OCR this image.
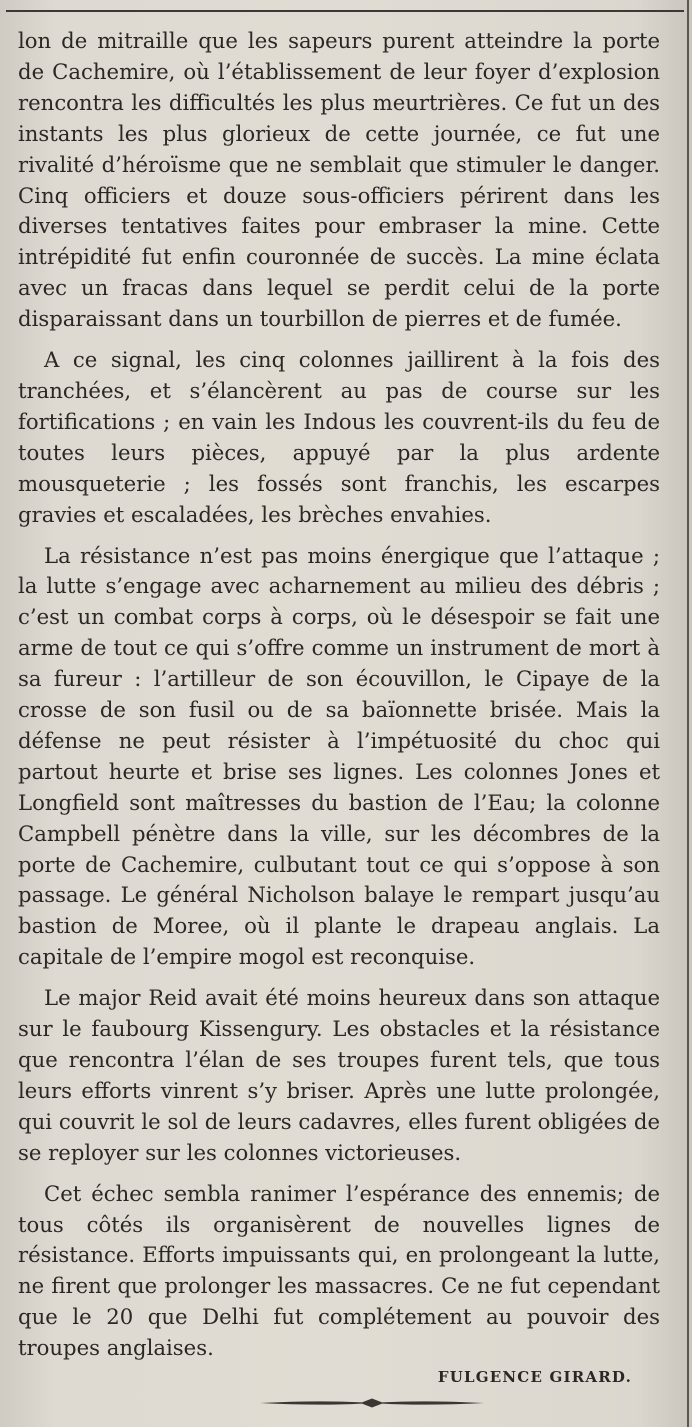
lon de mitraille que les sapeurs purent atteindre la porte de Cachemire, où l’établissement de leur foyer d’explosion rencontra les difficultés les plus meurtrières. Ce fut un des instants les plus glorieux de cette journée, ce fut une rivalité d’héroïsme que ne semblait que stimuler le danger. Cinq officiers et douze sous-officiers périrent dans les diverses tentatives faites pour embraser la mine. Cette intrépidité fut enfin couronnée de succès. La mine éclata avec un fracas dans lequel se perdit celui de la porte disparaissant dans un tourbillon de pierres et de fumée.

A ce signal, les cinq colonnes jaillirent à la fois des tranchées, et s’élancèrent au pas de course sur les fortifications ; en vain les Indous les couvrent-ils du feu de toutes leurs pièces, appuyé par la plus ardente mousqueterie ; les fossés sont franchis, les escarpes gravies et escaladées, les brèches envahies.

La résistance n’est pas moins énergique que l’attaque ; la lutte s’engage avec acharnement au milieu des débris ; c’est un combat corps à corps, où le désespoir se fait une arme de tout ce qui s’offre comme un instrument de mort à sa fureur : l’artilleur de son écouvillon, le Cipaye de la crosse de son fusil ou de sa baïonnette brisée. Mais la défense ne peut résister à l’impétuosité du choc qui partout heurte et brise ses lignes. Les colonnes Jones et Longfield sont maîtresses du bastion de l’Eau; la colonne Campbell pénètre dans la ville, sur les décombres de la porte de Cachemire, culbutant tout ce qui s’oppose à son passage. Le général Nicholson balaye le rempart jusqu’au bastion de Moree, où il plante le drapeau anglais. La capitale de l’empire mogol est reconquise.

Le major Reid avait été moins heureux dans son attaque sur le faubourg Kissengury. Les obstacles et la résistance que rencontra l’élan de ses troupes furent tels, que tous leurs efforts vinrent s’y briser. Après une lutte prolongée, qui couvrit le sol de leurs cadavres, elles furent obligées de se reployer sur les colonnes victorieuses.

Cet échec sembla ranimer l’espérance des ennemis; de tous côtés ils organisèrent de nouvelles lignes de résistance. Efforts impuissants qui, en prolongeant la lutte, ne firent que prolonger les massacres. Ce ne fut cependant que le 20 que Delhi fut complétement au pouvoir des troupes anglaises.

FULGENCE GIRARD.
